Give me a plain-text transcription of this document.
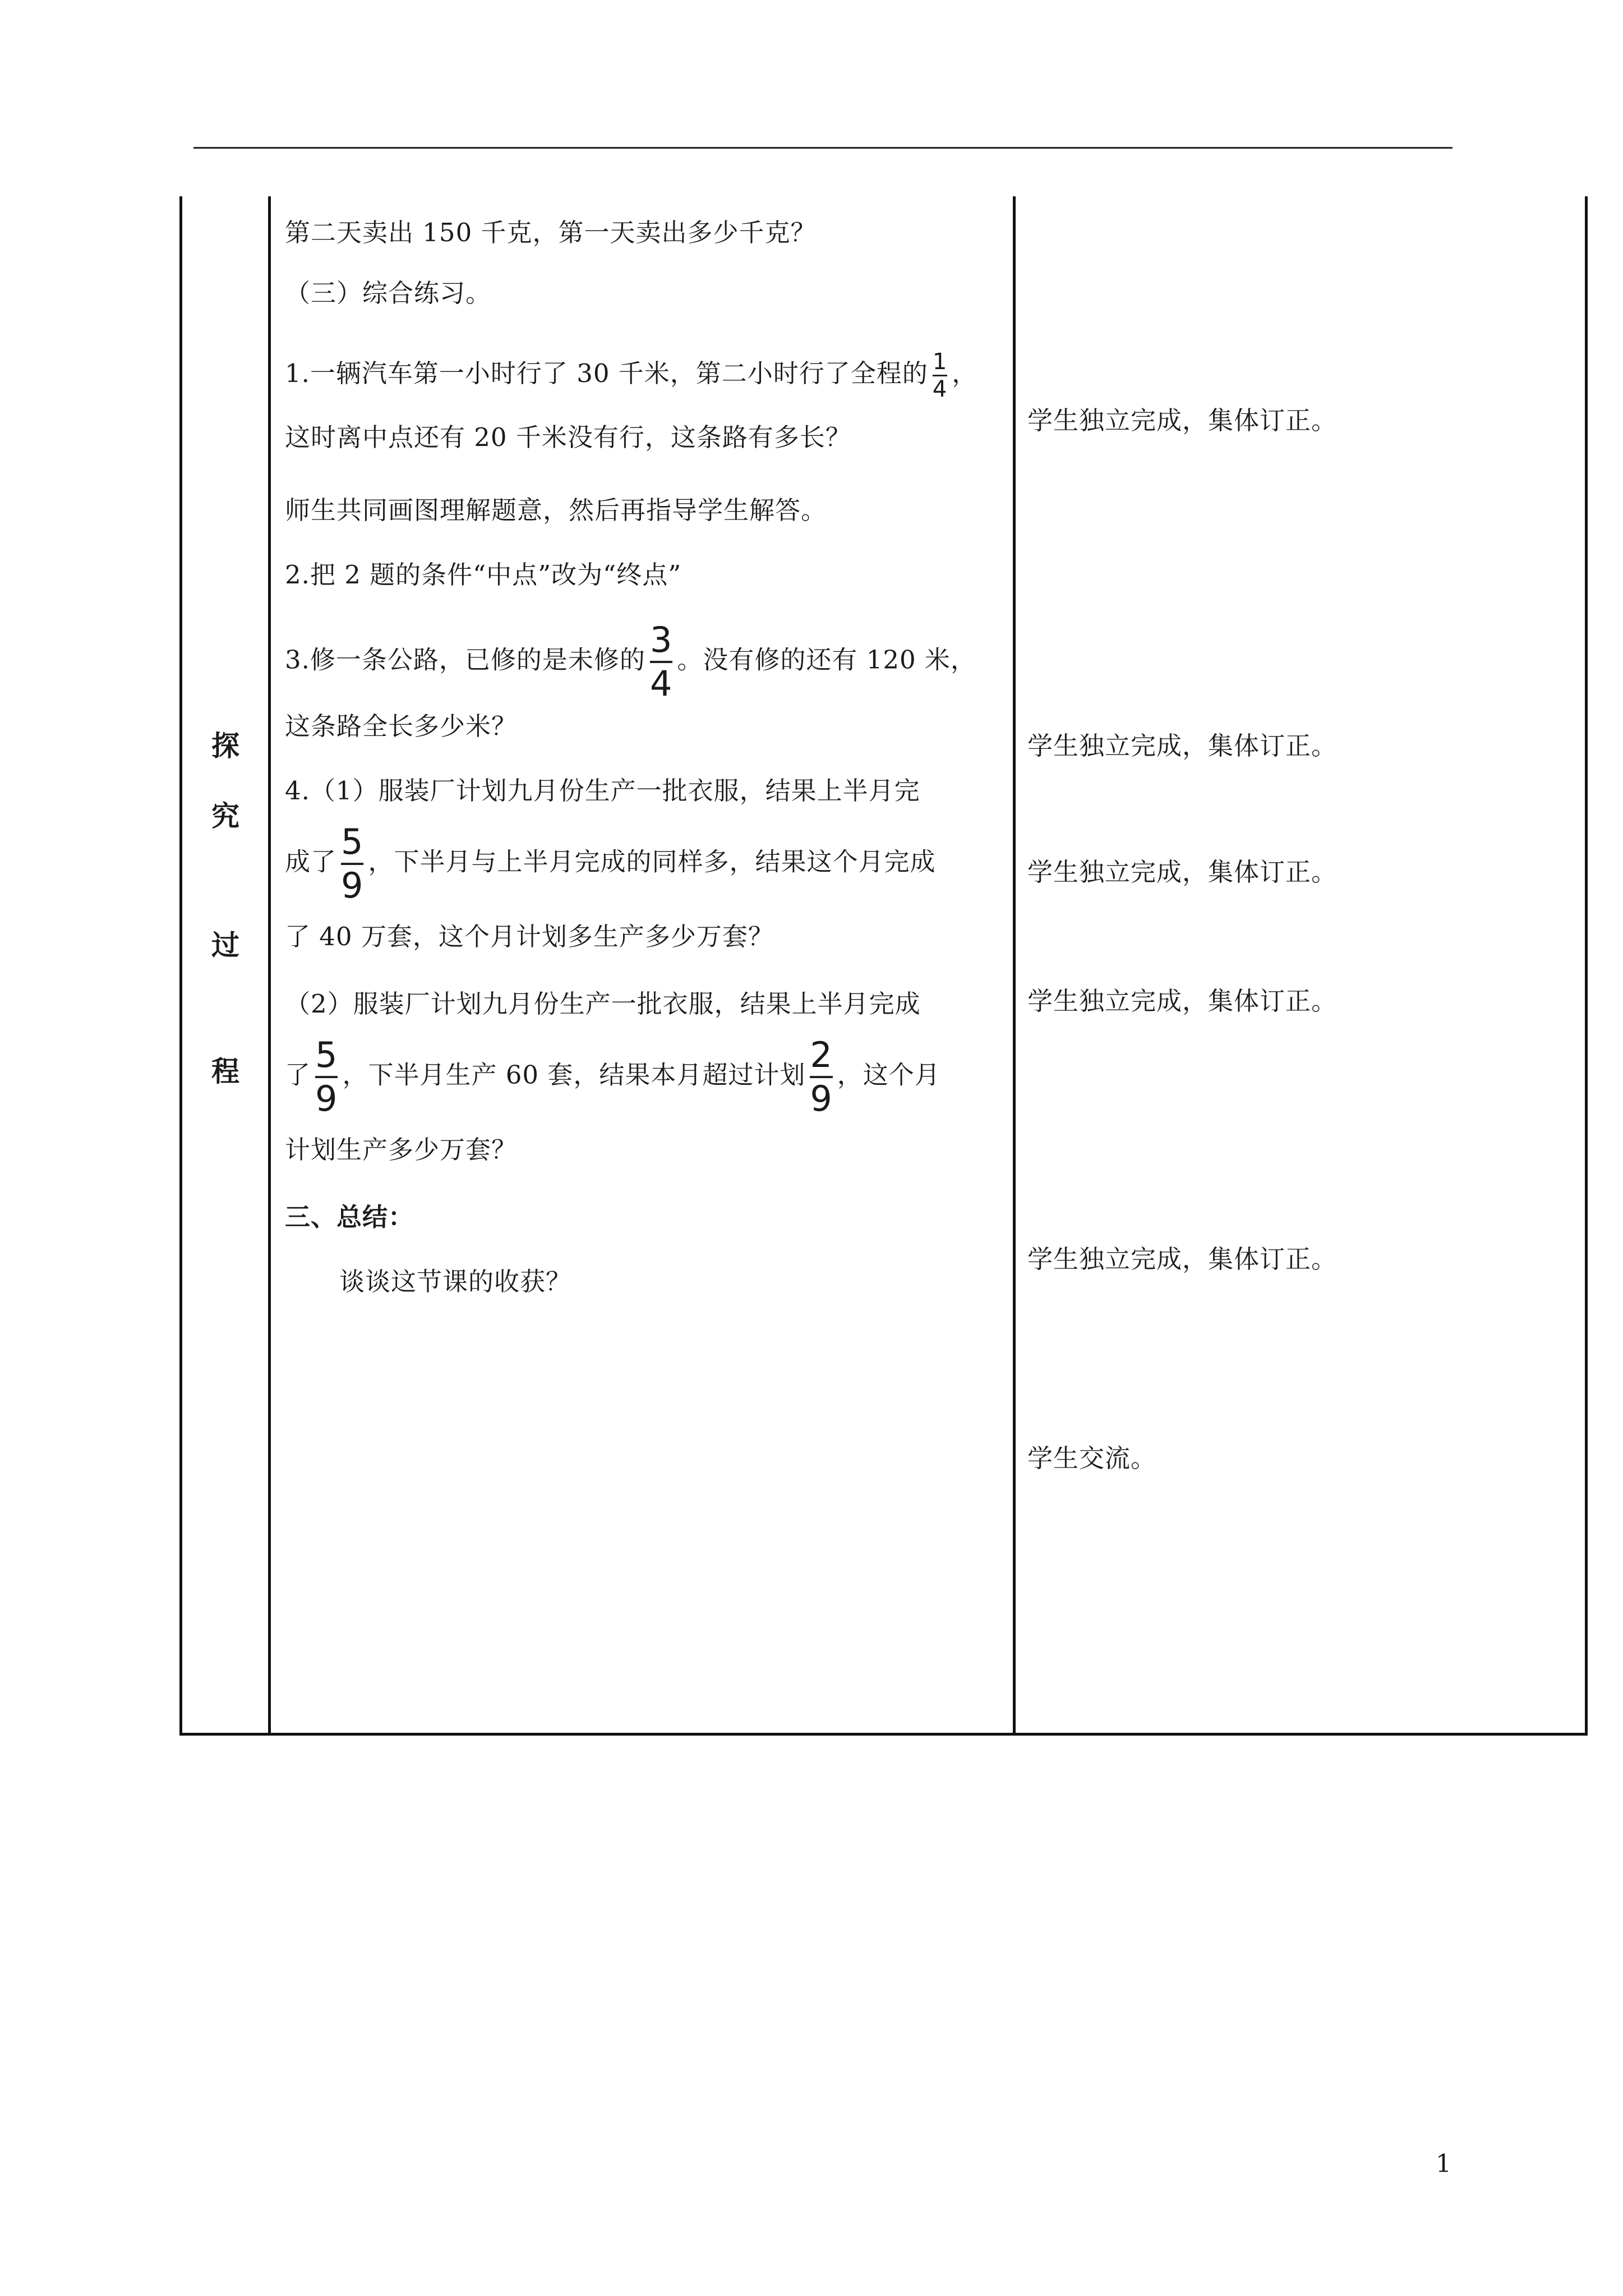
探
究
过
程
第二天卖出 150 千克，第一天卖出多少千克？
（三）综合练习。
1.一辆汽车第一小时行了 30 千米，第二小时行了全程的 $\frac{1}{4}$ ，
这时离中点还有 20 千米没有行，这条路有多长？
师生共同画图理解题意，然后再指导学生解答。
2.把 2 题的条件“中点”改为“终点”
3.修一条公路，已修的是未修的 $\frac{3}{4}$ 。没有修的还有 120 米，
这条路全长多少米？
4.（1）服装厂计划九月份生产一批衣服，结果上半月完
成了 $\frac{5}{9}$ ，下半月与上半月完成的同样多，结果这个月完成
了 40 万套，这个月计划多生产多少万套？
（2）服装厂计划九月份生产一批衣服，结果上半月完成
了 $\frac{5}{9}$ ，下半月生产 60 套，结果本月超过计划 $\frac{2}{9}$ ，这个月
计划生产多少万套？
三、总结：
谈谈这节课的收获？
学生独立完成，集体订正。
学生独立完成，集体订正。
学生独立完成，集体订正。
学生独立完成，集体订正。
学生独立完成，集体订正。
学生交流。
1
